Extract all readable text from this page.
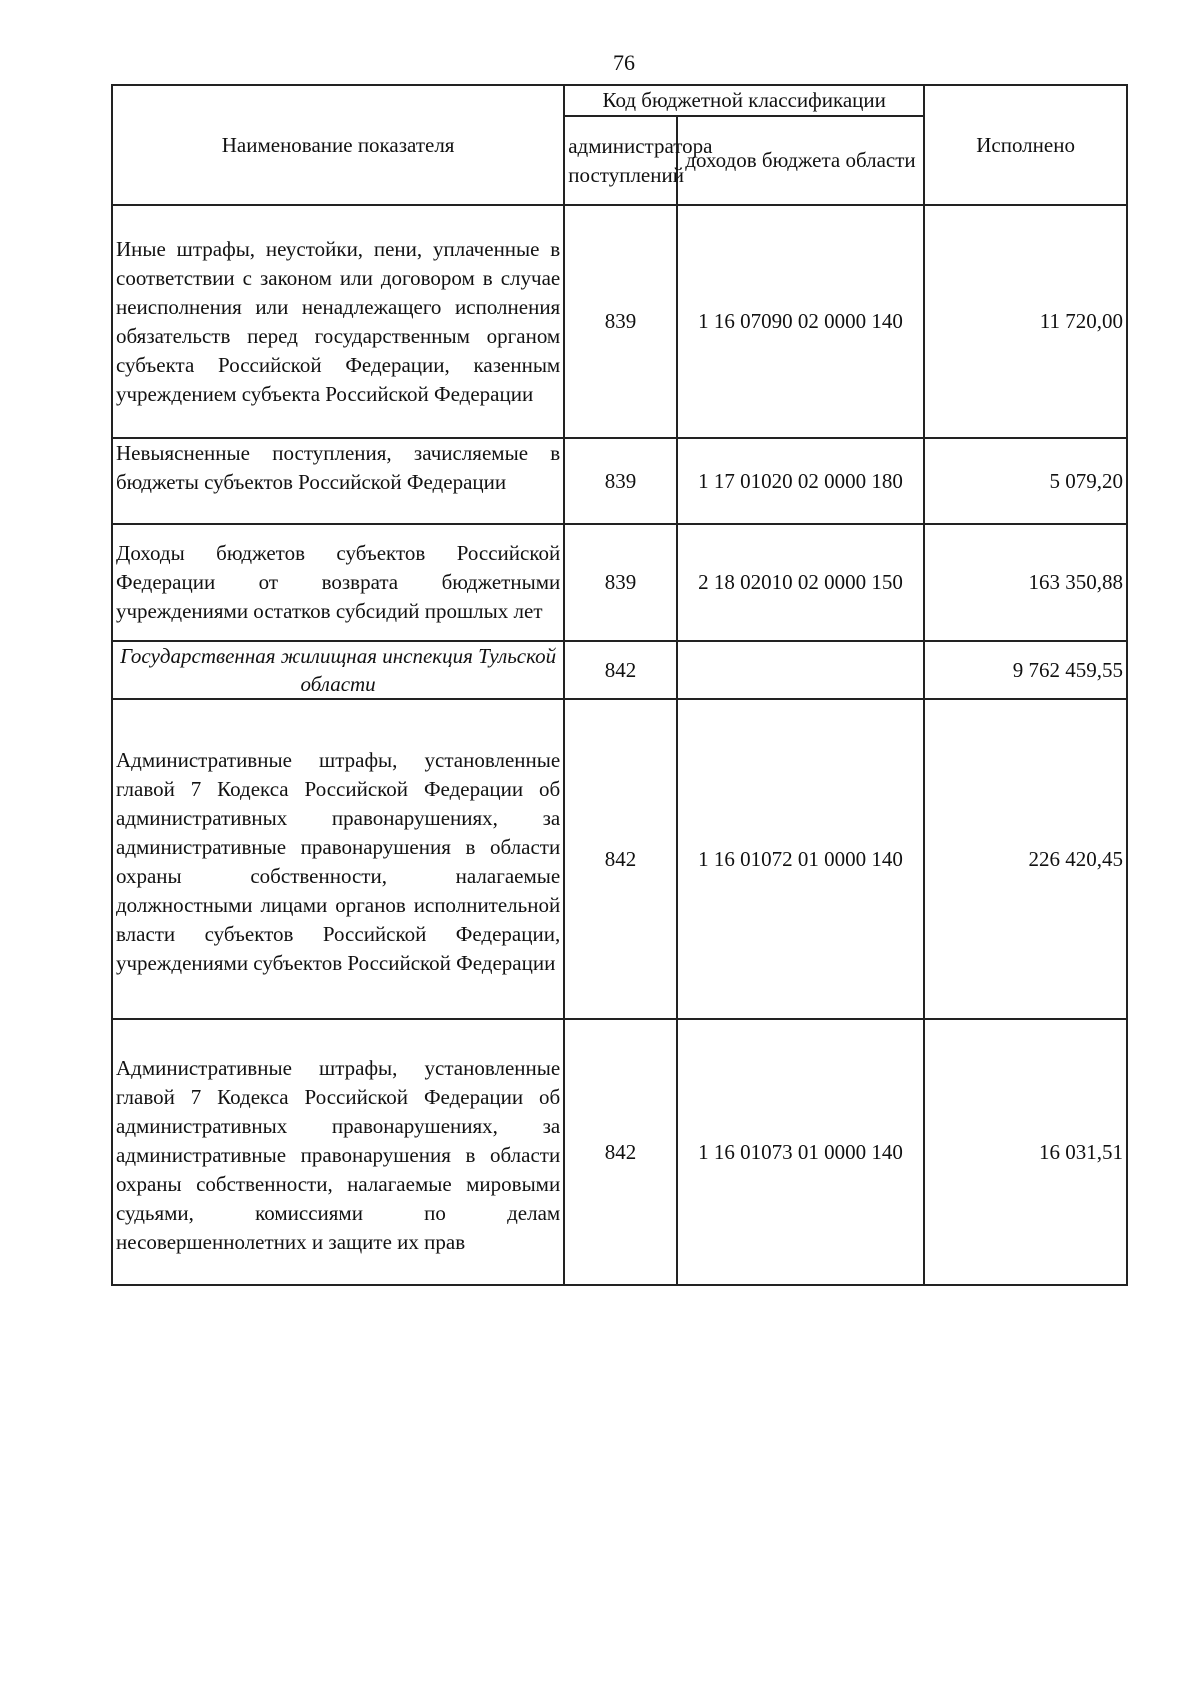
76
Наименование показателя	Код бюджетной классификации		Исполнено
	администратора поступлений	доходов бюджета области	
Иные штрафы, неустойки, пени, уплаченные в соответствии с законом или договором в случае неисполнения или ненадлежащего исполнения обязательств перед государственным органом субъекта Российской Федерации, казенным учреждением субъекта Российской Федерации	839	1 16 07090 02 0000 140	11 720,00
Невыясненные поступления, зачисляемые в бюджеты субъектов Российской Федерации	839	1 17 01020 02 0000 180	5 079,20
Доходы бюджетов субъектов Российской Федерации от возврата бюджетными учреждениями остатков субсидий прошлых лет	839	2 18 02010 02 0000 150	163 350,88
Государственная жилищная инспекция Тульской области	842		9 762 459,55
Административные штрафы, установленные главой 7 Кодекса Российской Федерации об административных правонарушениях, за административные правонарушения в области охраны собственности, налагаемые должностными лицами органов исполнительной власти субъектов Российской Федерации, учреждениями субъектов Российской Федерации	842	1 16 01072 01 0000 140	226 420,45
Административные штрафы, установленные главой 7 Кодекса Российской Федерации об административных правонарушениях, за административные правонарушения в области охраны собственности, налагаемые мировыми судьями, комиссиями по делам несовершеннолетних и защите их прав	842	1 16 01073 01 0000 140	16 031,51
